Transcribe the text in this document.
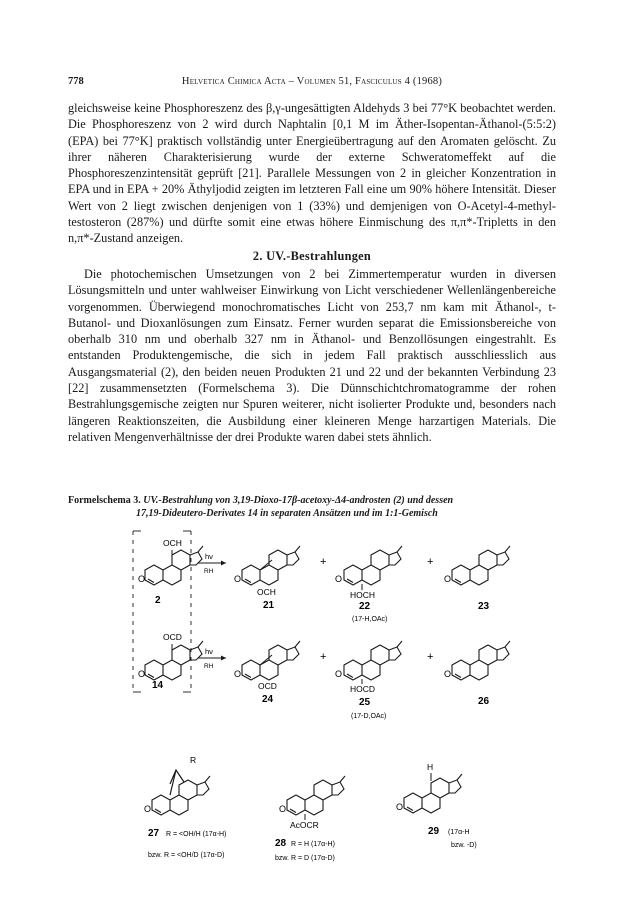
778	Helvetica Chimica Acta – Volumen 51, Fasciculus 4 (1968)

gleichsweise keine Phosphoreszenz des β,γ-ungesättigten Aldehyds 3 bei 77°K beobachtet werden. Die Phosphoreszenz von 2 wird durch Naphtalin [0,1 M im Äther-Isopentan-Äthanol-(5:5:2) (EPA) bei 77°K] praktisch vollständig unter Energieübertragung auf den Aromaten gelöscht. Zu ihrer näheren Charakterisierung wurde der externe Schweratomeffekt auf die Phosphoreszenzintensität geprüft [21]. Parallele Messungen von 2 in gleicher Konzentration in EPA und in EPA + 20% Äthyljodid zeigten im letzteren Fall eine um 90% höhere Intensität. Dieser Wert von 2 liegt zwischen denjenigen von 1 (33%) und demjenigen von O-Acetyl-4-methyl-testosteron (287%) und dürfte somit eine etwas höhere Einmischung des π,π*-Tripletts in den n,π*-Zustand anzeigen.

2. UV.-Bestrahlungen

Die photochemischen Umsetzungen von 2 bei Zimmertemperatur wurden in diversen Lösungsmitteln und unter wahlweiser Einwirkung von Licht verschiedener Wellenlängenbereiche vorgenommen. Überwiegend monochromatisches Licht von 253,7 nm kam mit Äthanol-, t-Butanol- und Dioxanlösungen zum Einsatz. Ferner wurden separat die Emissionsbereiche von oberhalb 310 nm und oberhalb 327 nm in Äthanol- und Benzollösungen eingestrahlt. Es entstanden Produktengemische, die sich in jedem Fall praktisch ausschliesslich aus Ausgangsmaterial (2), den beiden neuen Produkten 21 und 22 und der bekannten Verbindung 23 [22] zusammensetzten (Formelschema 3). Die Dünnschichtchromatogramme der rohen Bestrahlungsgemische zeigten nur Spuren weiterer, nicht isolierter Produkte und, besonders nach längeren Reaktionszeiten, die Ausbildung einer kleineren Menge harzartigen Materials. Die relativen Mengenverhältnisse der drei Produkte waren dabei stets ähnlich.

Formelschema 3. UV.-Bestrahlung von 3,19-Dioxo-17β-acetoxy-Δ4-androsten (2) und dessen
17,19-Dideutero-Derivates 14 in separaten Ansätzen und im 1:1-Gemisch
O
OCH
2
hν
RH
O
OCH
21
+
O
HOCH
22
(17-H,OAc)
+
O
23
O
OCD
14
hν
RH
O
OCD
24
+
O
HOCD
25
(17-D,OAc)
+
O
26
O
R
27 R = <OH/H (17α-H)
bzw. R = <OH/D (17α-D)
O
AcOCR
28 R = H (17α-H)
bzw. R = D (17α-D)
O
H
29 (17α-H
bzw. -D)
